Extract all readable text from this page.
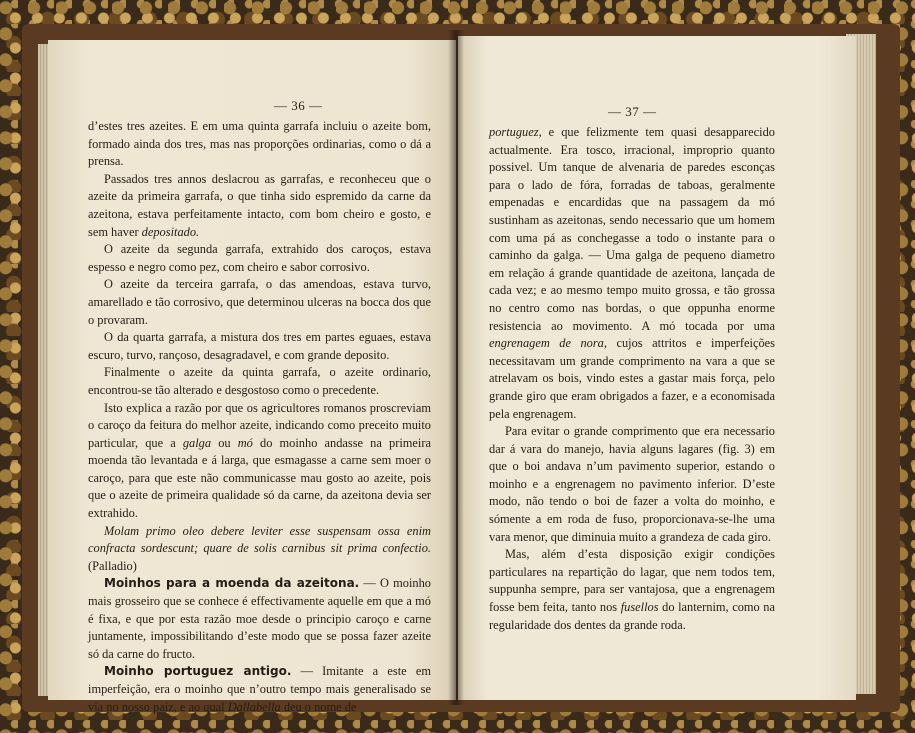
— 36 —

d’estes tres azeites. E em uma quinta garrafa incluiu o azeite bom, formado ainda dos tres, mas nas proporções ordinarias, como o dá a prensa.

Passados tres annos deslacrou as garrafas, e reconheceu que o azeite da primeira garrafa, o que tinha sido espremido da carne da azeitona, estava perfeitamente intacto, com bom cheiro e gosto, e sem haver depositado.

O azeite da segunda garrafa, extrahido dos caroços, estava espesso e negro como pez, com cheiro e sabor corrosivo.

O azeite da terceira garrafa, o das amendoas, estava turvo, amarellado e tão corrosivo, que determinou ulceras na bocca dos que o provaram.

O da quarta garrafa, a mistura dos tres em partes eguaes, estava escuro, turvo, rançoso, desagradavel, e com grande deposito.

Finalmente o azeite da quinta garrafa, o azeite ordinario, encontrou-se tão alterado e desgostoso como o precedente.

Isto explica a razão por que os agricultores romanos proscreviam o caroço da feitura do melhor azeite, indicando como preceito muito particular, que a galga ou mó do moinho andasse na primeira moenda tão levantada e á larga, que esmagasse a carne sem moer o caroço, para que este não communicasse mau gosto ao azeite, pois que o azeite de primeira qualidade só da carne, da azeitona devia ser extrahido.

Molam primo oleo debere leviter esse suspensam ossa enim confracta sordescunt; quare de solis carnibus sit prima confectio. (Palladio)

Moinhos para a moenda da azeitona. — O moinho mais grosseiro que se conhece é effectivamente aquelle em que a mó é fixa, e que por esta razão moe desde o principio caroço e carne juntamente, impossibilitando d’este modo que se possa fazer azeite só da carne do fructo.

Moinho portuguez antigo. — Imitante a este em imperfeição, era o moinho que n’outro tempo mais generalisado se via no nosso paiz, e ao qual Dallabella deu o nome de

— 37 —

portuguez, e que felizmente tem quasi desapparecido actualmente. Era tosco, irracional, improprio quanto possivel. Um tanque de alvenaria de paredes esconças para o lado de fóra, forradas de taboas, geralmente empenadas e encardidas que na passagem da mó sustinham as azeitonas, sendo necessario que um homem com uma pá as conchegasse a todo o instante para o caminho da galga. — Uma galga de pequeno diametro em relação á grande quantidade de azeitona, lançada de cada vez; e ao mesmo tempo muito grossa, e tão grossa no centro como nas bordas, o que oppunha enorme resistencia ao movimento. A mó tocada por uma engrenagem de nora, cujos attritos e imperfeições necessitavam um grande comprimento na vara a que se atrelavam os bois, vindo estes a gastar mais força, pelo grande giro que eram obrigados a fazer, e a economisada pela engrenagem.

Para evitar o grande comprimento que era necessario dar á vara do manejo, havia alguns lagares (fig. 3) em que o boi andava n’um pavimento superior, estando o moinho e a engrenagem no pavimento inferior. D’este modo, não tendo o boi de fazer a volta do moinho, e sómente a em roda de fuso, proporcionava-se-lhe uma vara menor, que diminuia muito a grandeza de cada giro.

Mas, além d’esta disposição exigir condições particulares na repartição do lagar, que nem todos tem, suppunha sempre, para ser vantajosa, que a engrenagem fosse bem feita, tanto nos fusellos do lanternim, como na regularidade dos dentes da grande roda.
